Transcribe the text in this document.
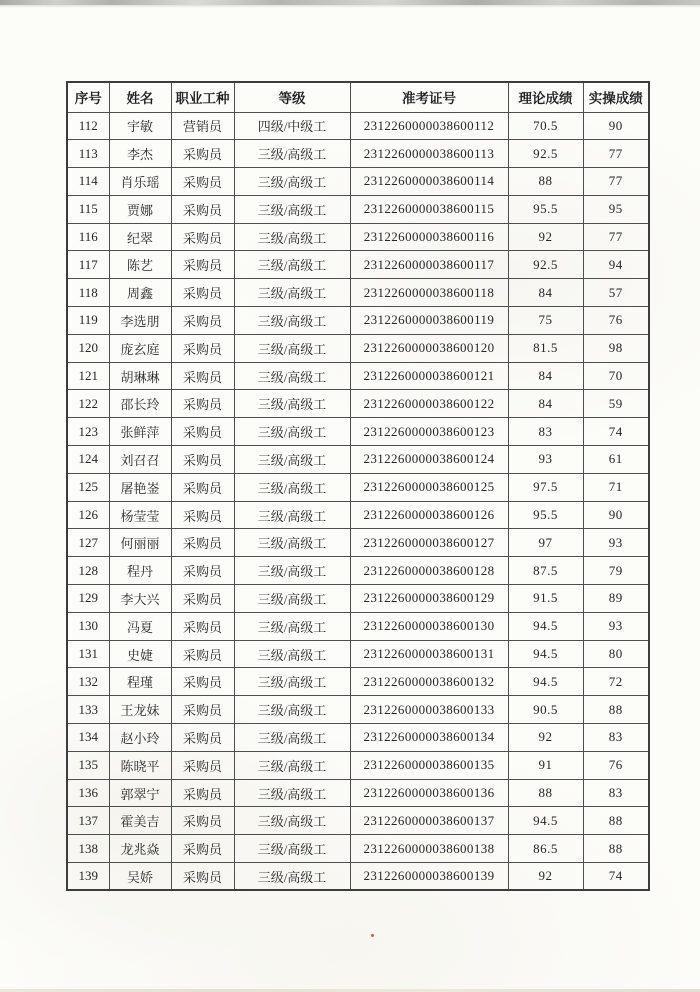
序号	姓名	职业工种	等级	准考证号	理论成绩	实操成绩
112	宇敏	营销员	四级/中级工	2312260000038600112	70.5	90
113	李杰	采购员	三级/高级工	2312260000038600113	92.5	77
114	肖乐瑶	采购员	三级/高级工	2312260000038600114	88	77
115	贾娜	采购员	三级/高级工	2312260000038600115	95.5	95
116	纪翠	采购员	三级/高级工	2312260000038600116	92	77
117	陈艺	采购员	三级/高级工	2312260000038600117	92.5	94
118	周鑫	采购员	三级/高级工	2312260000038600118	84	57
119	李选朋	采购员	三级/高级工	2312260000038600119	75	76
120	庞玄庭	采购员	三级/高级工	2312260000038600120	81.5	98
121	胡琳琳	采购员	三级/高级工	2312260000038600121	84	70
122	邵长玲	采购员	三级/高级工	2312260000038600122	84	59
123	张鲜萍	采购员	三级/高级工	2312260000038600123	83	74
124	刘召召	采购员	三级/高级工	2312260000038600124	93	61
125	屠艳崟	采购员	三级/高级工	2312260000038600125	97.5	71
126	杨莹莹	采购员	三级/高级工	2312260000038600126	95.5	90
127	何丽丽	采购员	三级/高级工	2312260000038600127	97	93
128	程丹	采购员	三级/高级工	2312260000038600128	87.5	79
129	李大兴	采购员	三级/高级工	2312260000038600129	91.5	89
130	冯夏	采购员	三级/高级工	2312260000038600130	94.5	93
131	史婕	采购员	三级/高级工	2312260000038600131	94.5	80
132	程瑾	采购员	三级/高级工	2312260000038600132	94.5	72
133	王龙妹	采购员	三级/高级工	2312260000038600133	90.5	88
134	赵小玲	采购员	三级/高级工	2312260000038600134	92	83
135	陈晓平	采购员	三级/高级工	2312260000038600135	91	76
136	郭翠宁	采购员	三级/高级工	2312260000038600136	88	83
137	霍美吉	采购员	三级/高级工	2312260000038600137	94.5	88
138	龙兆焱	采购员	三级/高级工	2312260000038600138	86.5	88
139	吴娇	采购员	三级/高级工	2312260000038600139	92	74
